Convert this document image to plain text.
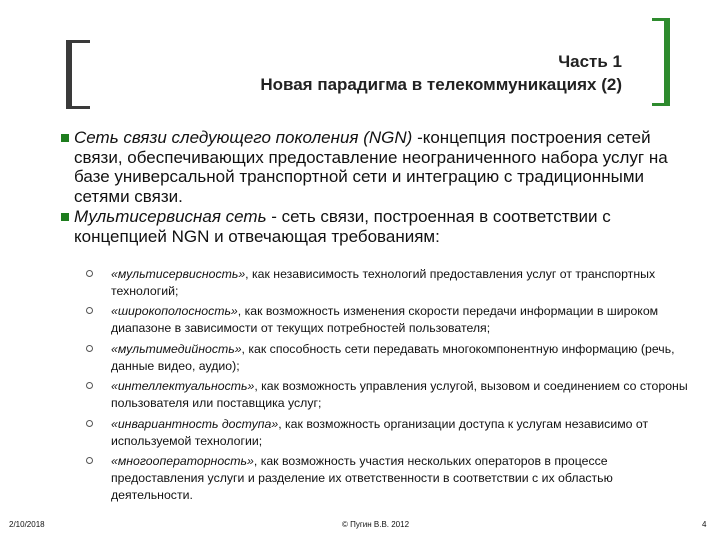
Часть 1
Новая парадигма в телекоммуникациях (2)
Сеть связи следующего поколения (NGN) -концепция построения сетей связи, обеспечивающих предоставление неограниченного набора услуг на базе универсальной транспортной сети и интеграцию с традиционными сетями связи.
Мультисервисная сеть - сеть связи, построенная в соответствии с концепцией NGN и отвечающая требованиям:
«мультисервисность», как независимость технологий предоставления услуг от транспортных технологий;
«широкополосность», как возможность изменения скорости передачи информации в широком диапазоне в зависимости от текущих потребностей пользователя;
«мультимедийность», как способность сети передавать многокомпонентную информацию (речь, данные видео, аудио);
«интеллектуальность», как возможность управления услугой, вызовом и соединением со стороны пользователя или поставщика услуг;
«инвариантность доступа», как возможность организации доступа к услугам независимо от используемой технологии;
«многооператорность», как возможность участия нескольких операторов в процессе предоставления услуги и разделение их ответственности в соответствии с их областью деятельности.
2/10/2018	© Пугин В.В. 2012	4
